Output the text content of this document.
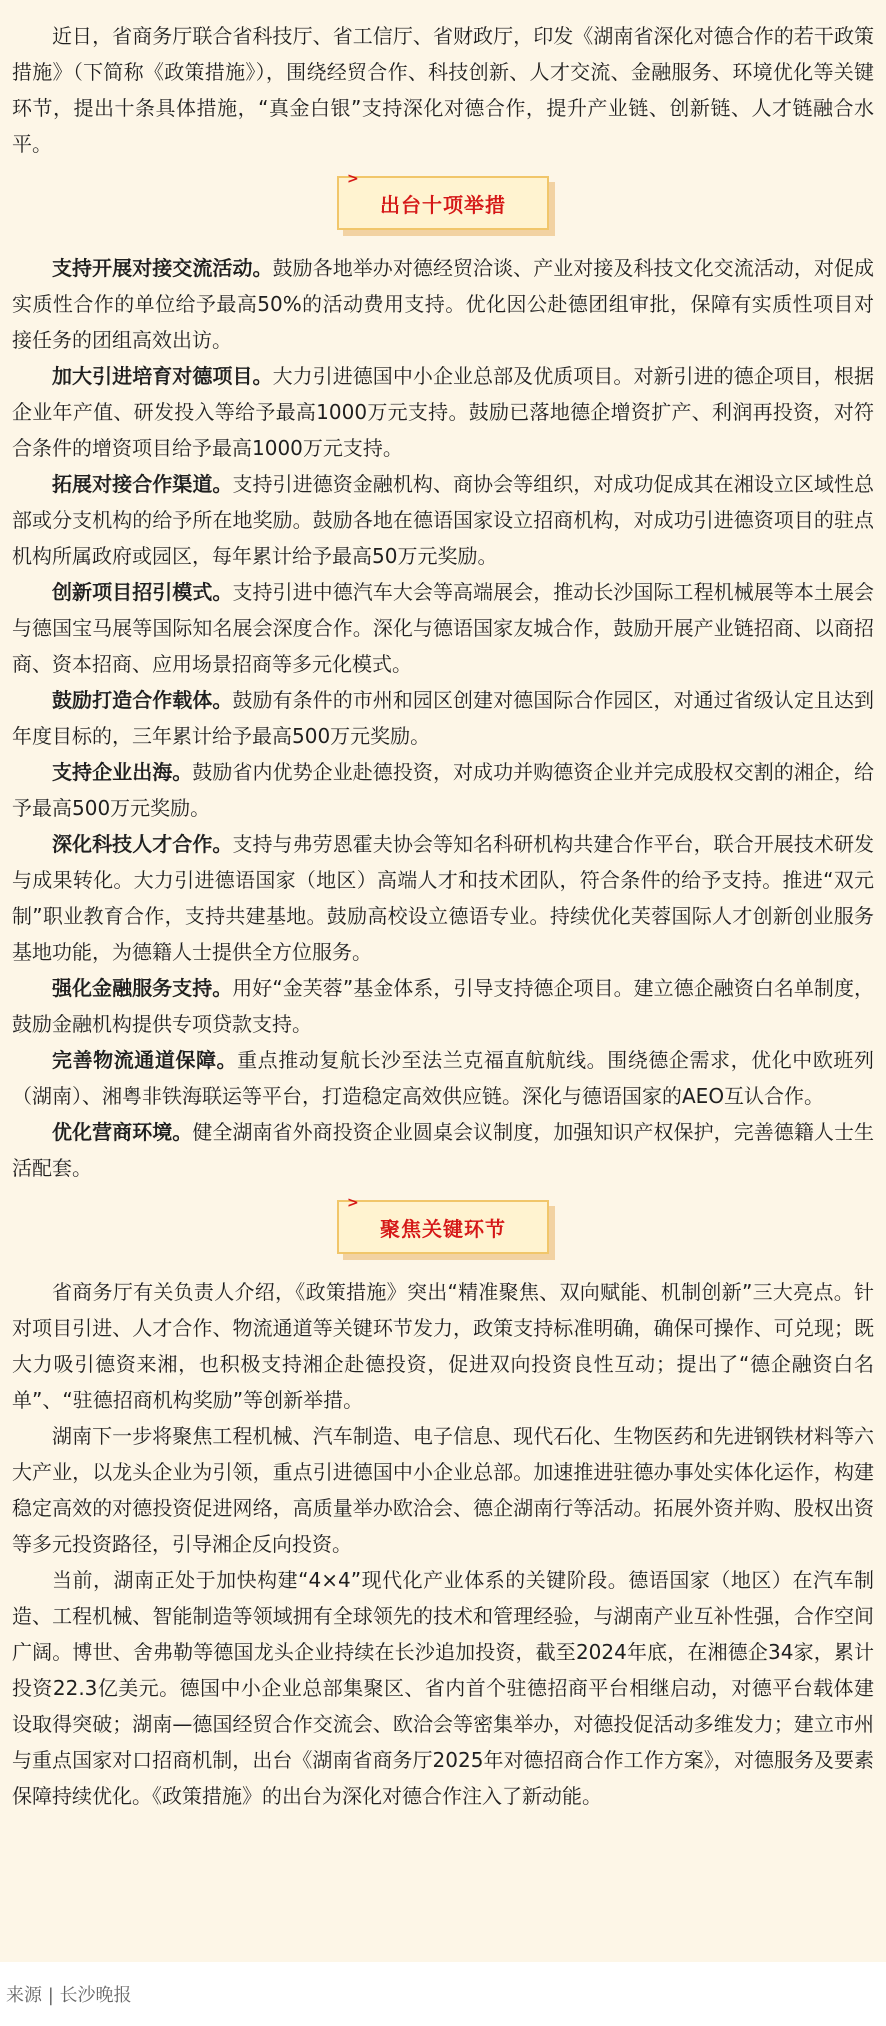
近日，省商务厅联合省科技厅、省工信厅、省财政厅，印发《湖南省深化对德合作的若干政策措施》（下简称《政策措施》），围绕经贸合作、科技创新、人才交流、金融服务、环境优化等关键环节，提出十条具体措施，“真金白银”支持深化对德合作，提升产业链、创新链、人才链融合水平。

>
出台十项举措

支持开展对接交流活动。鼓励各地举办对德经贸洽谈、产业对接及科技文化交流活动，对促成实质性合作的单位给予最高50%的活动费用支持。优化因公赴德团组审批，保障有实质性项目对接任务的团组高效出访。

加大引进培育对德项目。大力引进德国中小企业总部及优质项目。对新引进的德企项目，根据企业年产值、研发投入等给予最高1000万元支持。鼓励已落地德企增资扩产、利润再投资，对符合条件的增资项目给予最高1000万元支持。

拓展对接合作渠道。支持引进德资金融机构、商协会等组织，对成功促成其在湘设立区域性总部或分支机构的给予所在地奖励。鼓励各地在德语国家设立招商机构，对成功引进德资项目的驻点机构所属政府或园区，每年累计给予最高50万元奖励。

创新项目招引模式。支持引进中德汽车大会等高端展会，推动长沙国际工程机械展等本土展会与德国宝马展等国际知名展会深度合作。深化与德语国家友城合作，鼓励开展产业链招商、以商招商、资本招商、应用场景招商等多元化模式。

鼓励打造合作载体。鼓励有条件的市州和园区创建对德国际合作园区，对通过省级认定且达到年度目标的，三年累计给予最高500万元奖励。

支持企业出海。鼓励省内优势企业赴德投资，对成功并购德资企业并完成股权交割的湘企，给予最高500万元奖励。

深化科技人才合作。支持与弗劳恩霍夫协会等知名科研机构共建合作平台，联合开展技术研发与成果转化。大力引进德语国家（地区）高端人才和技术团队，符合条件的给予支持。推进“双元制”职业教育合作，支持共建基地。鼓励高校设立德语专业。持续优化芙蓉国际人才创新创业服务基地功能，为德籍人士提供全方位服务。

强化金融服务支持。用好“金芙蓉”基金体系，引导支持德企项目。建立德企融资白名单制度，鼓励金融机构提供专项贷款支持。

完善物流通道保障。重点推动复航长沙至法兰克福直航航线。围绕德企需求，优化中欧班列（湖南）、湘粤非铁海联运等平台，打造稳定高效供应链。深化与德语国家的AEO互认合作。

优化营商环境。健全湖南省外商投资企业圆桌会议制度，加强知识产权保护，完善德籍人士生活配套。

>
聚焦关键环节

省商务厅有关负责人介绍，《政策措施》突出“精准聚焦、双向赋能、机制创新”三大亮点。针对项目引进、人才合作、物流通道等关键环节发力，政策支持标准明确，确保可操作、可兑现；既大力吸引德资来湘，也积极支持湘企赴德投资，促进双向投资良性互动；提出了“德企融资白名单”、“驻德招商机构奖励”等创新举措。

湖南下一步将聚焦工程机械、汽车制造、电子信息、现代石化、生物医药和先进钢铁材料等六大产业，以龙头企业为引领，重点引进德国中小企业总部。加速推进驻德办事处实体化运作，构建稳定高效的对德投资促进网络，高质量举办欧洽会、德企湖南行等活动。拓展外资并购、股权出资等多元投资路径，引导湘企反向投资。

当前，湖南正处于加快构建“4×4”现代化产业体系的关键阶段。德语国家（地区）在汽车制造、工程机械、智能制造等领域拥有全球领先的技术和管理经验，与湖南产业互补性强，合作空间广阔。博世、舍弗勒等德国龙头企业持续在长沙追加投资，截至2024年底，在湘德企34家，累计投资22.3亿美元。德国中小企业总部集聚区、省内首个驻德招商平台相继启动，对德平台载体建设取得突破；湖南—德国经贸合作交流会、欧洽会等密集举办，对德投促活动多维发力；建立市州与重点国家对口招商机制，出台《湖南省商务厅2025年对德招商合作工作方案》，对德服务及要素保障持续优化。《政策措施》的出台为深化对德合作注入了新动能。

来源 | 长沙晚报
